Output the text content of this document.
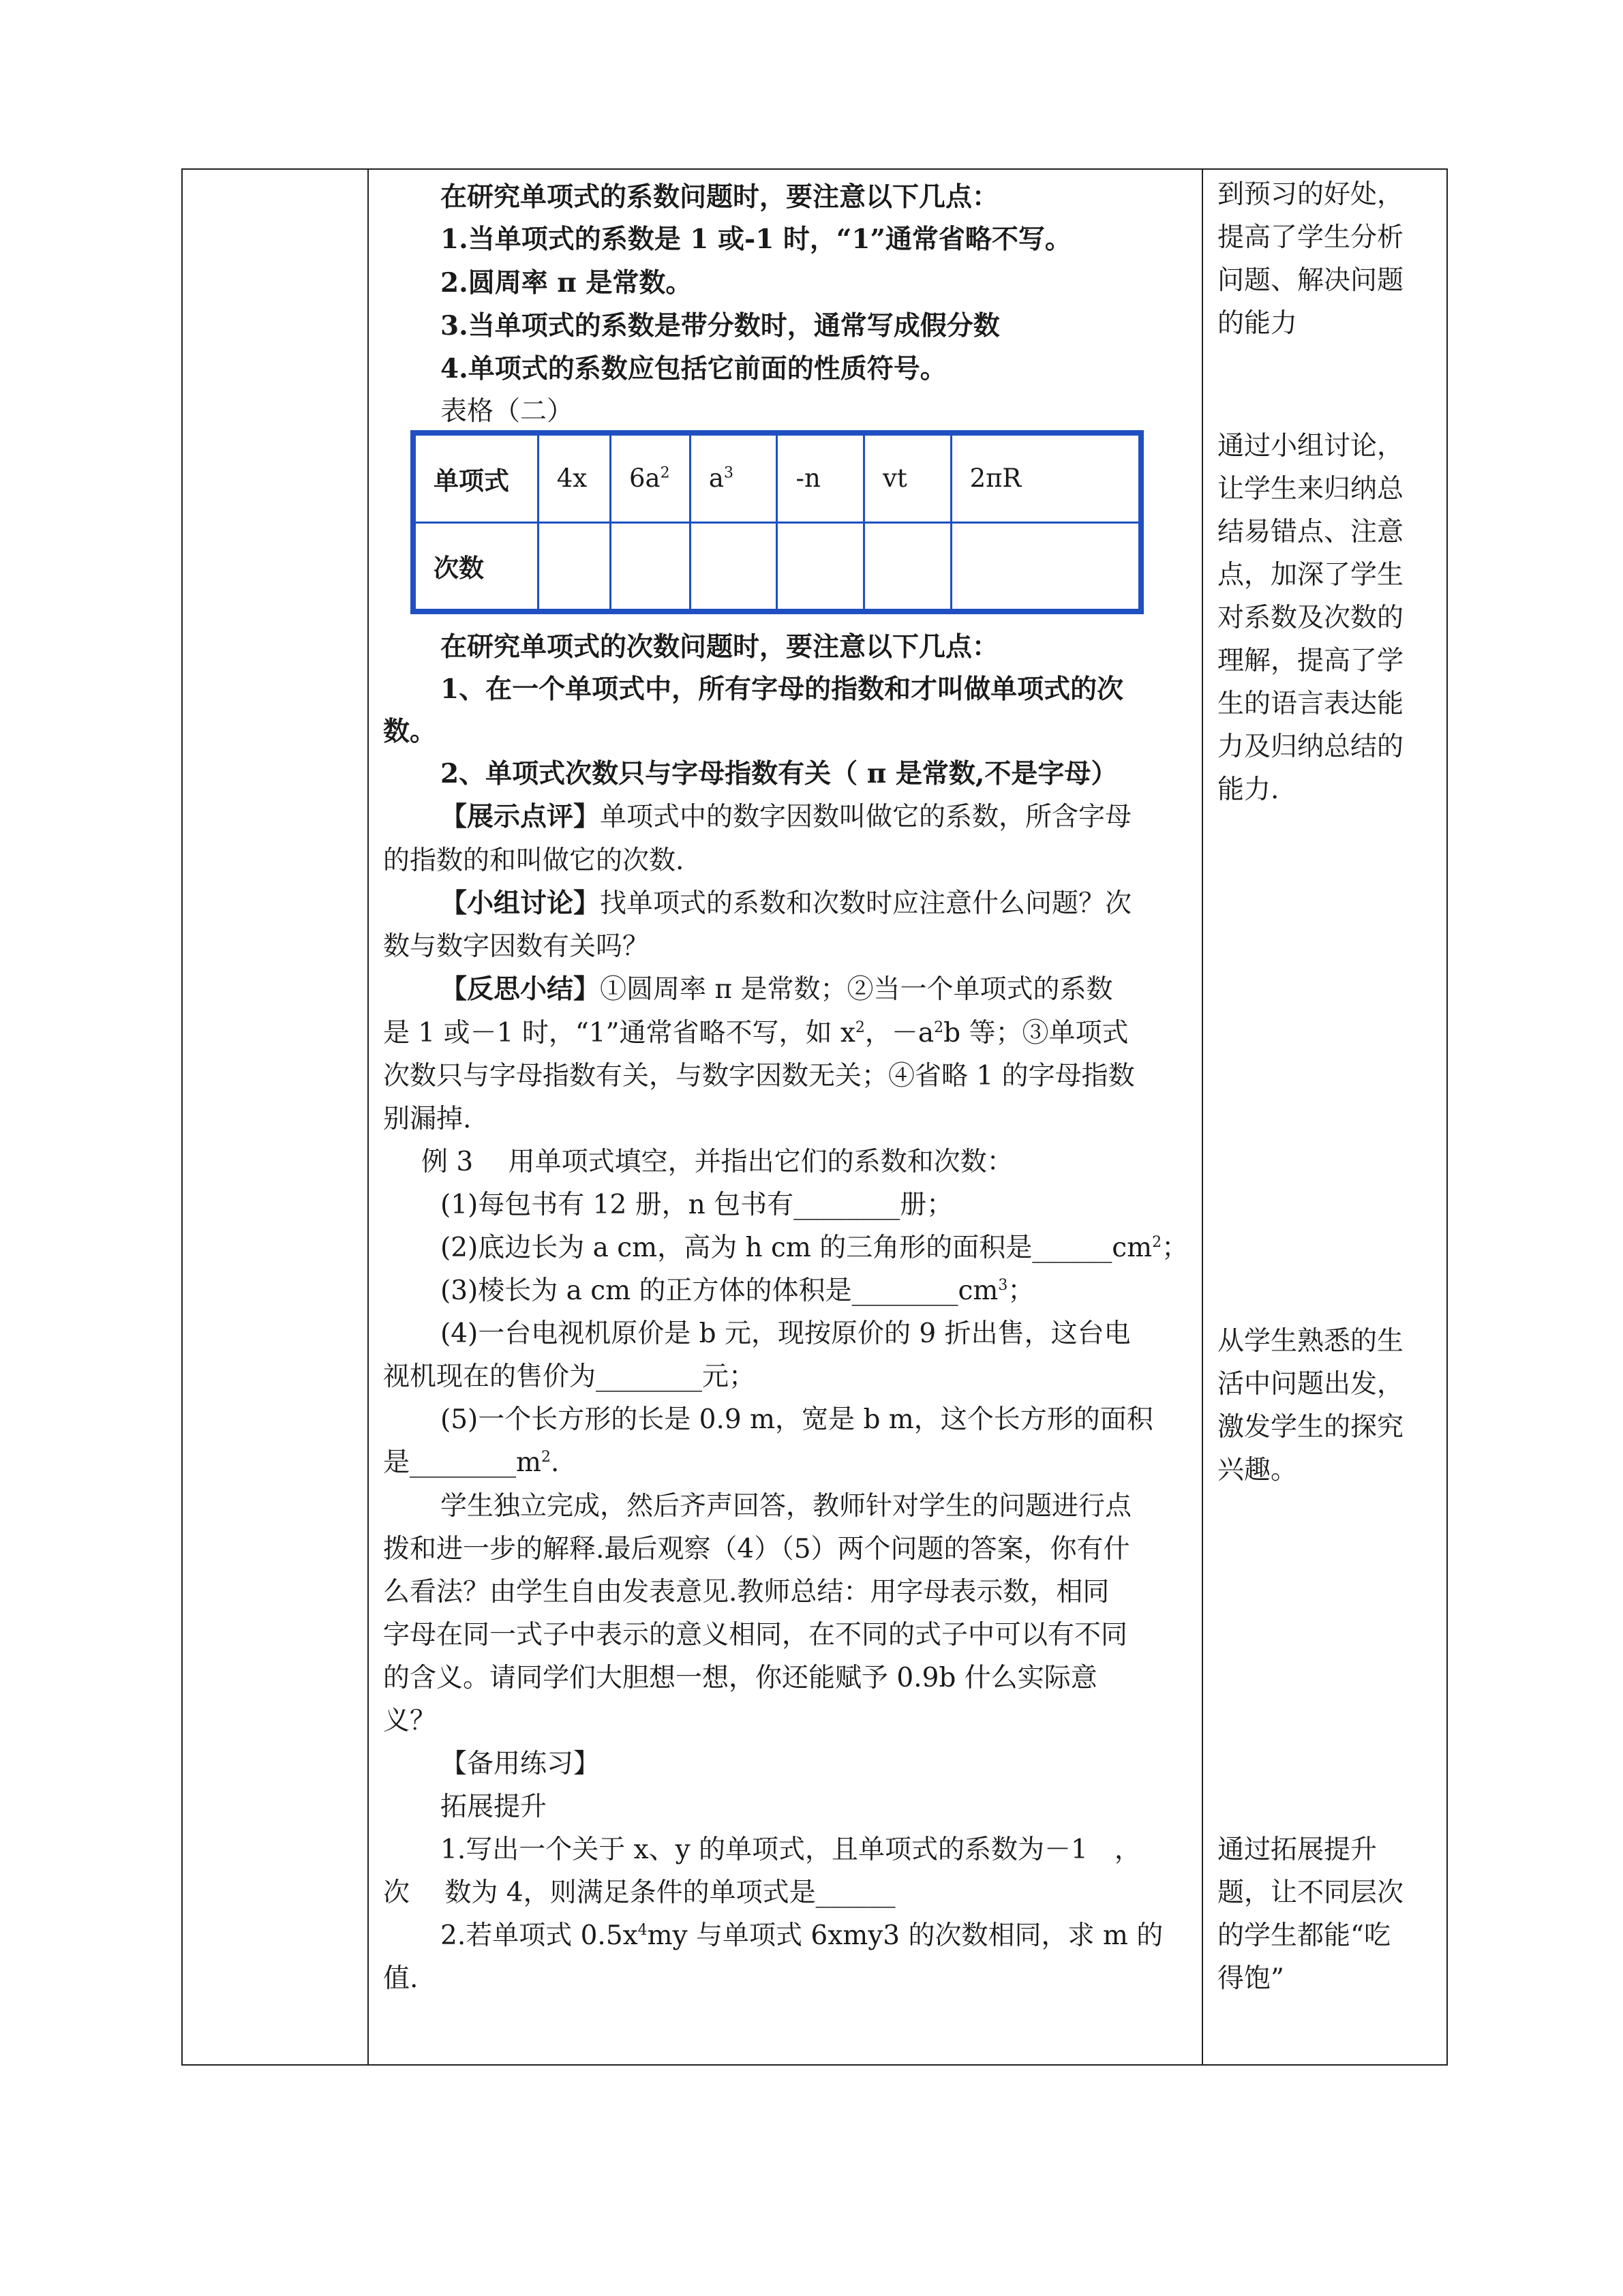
在研究单项式的系数问题时，要注意以下几点：
1.当单项式的系数是 1 或-1 时，“1”通常省略不写。
2.圆周率 π 是常数。
3.当单项式的系数是带分数时，通常写成假分数
4.单项式的系数应包括它前面的性质符号。
表格（二）
单项式	4x	$6a^2$	$a^3$	-n	vt	2πR
次数						
在研究单项式的次数问题时，要注意以下几点：
1、在一个单项式中，所有字母的指数和才叫做单项式的次
数。
2、单项式次数只与字母指数有关（ π 是常数,不是字母）
【展示点评】单项式中的数字因数叫做它的系数，所含字母
的指数的和叫做它的次数.
【小组讨论】找单项式的系数和次数时应注意什么问题？次
数与数字因数有关吗？
【反思小结】①圆周率 π 是常数；②当一个单项式的系数
是 1 或－1 时，“1”通常省略不写，如 $x^2$，$-a^2b$ 等；③单项式
次数只与字母指数有关，与数字因数无关；④省略 1 的字母指数
别漏掉.
例 3　 用单项式填空，并指出它们的系数和次数：
(1)每包书有 12 册，n 包书有________册；
(2)底边长为 a cm，高为 h cm 的三角形的面积是$\_\_\_\_\_\_cm^2$；
(3)棱长为 a cm 的正方体的体积是$\_\_\_\_\_\_\_\_cm^3$；
(4)一台电视机原价是 b 元，现按原价的 9 折出售，这台电
视机现在的售价为________元；
(5)一个长方形的长是 0.9 m，宽是 b m，这个长方形的面积
是$\_\_\_\_\_\_\_\_m^2$.
学生独立完成，然后齐声回答，教师针对学生的问题进行点
拨和进一步的解释.最后观察（4）（5）两个问题的答案，你有什
么看法？由学生自由发表意见.教师总结：用字母表示数，相同
字母在同一式子中表示的意义相同，在不同的式子中可以有不同
的含义。请同学们大胆想一想，你还能赋予 0.9b 什么实际意
义？
【备用练习】
拓展提升
1.写出一个关于 x、y 的单项式，且单项式的系数为－1　，
次　 数为 4，则满足条件的单项式是______
2.若单项式 $0.5x^4my$ 与单项式 6xmy3 的次数相同，求 m 的
值.
到预习的好处，
提高了学生分析
问题、解决问题
的能力
通过小组讨论，
让学生来归纳总
结易错点、注意
点，加深了学生
对系数及次数的
理解，提高了学
生的语言表达能
力及归纳总结的
能力.
从学生熟悉的生
活中问题出发，
激发学生的探究
兴趣。
通过拓展提升
题，让不同层次
的学生都能“吃
得饱”
